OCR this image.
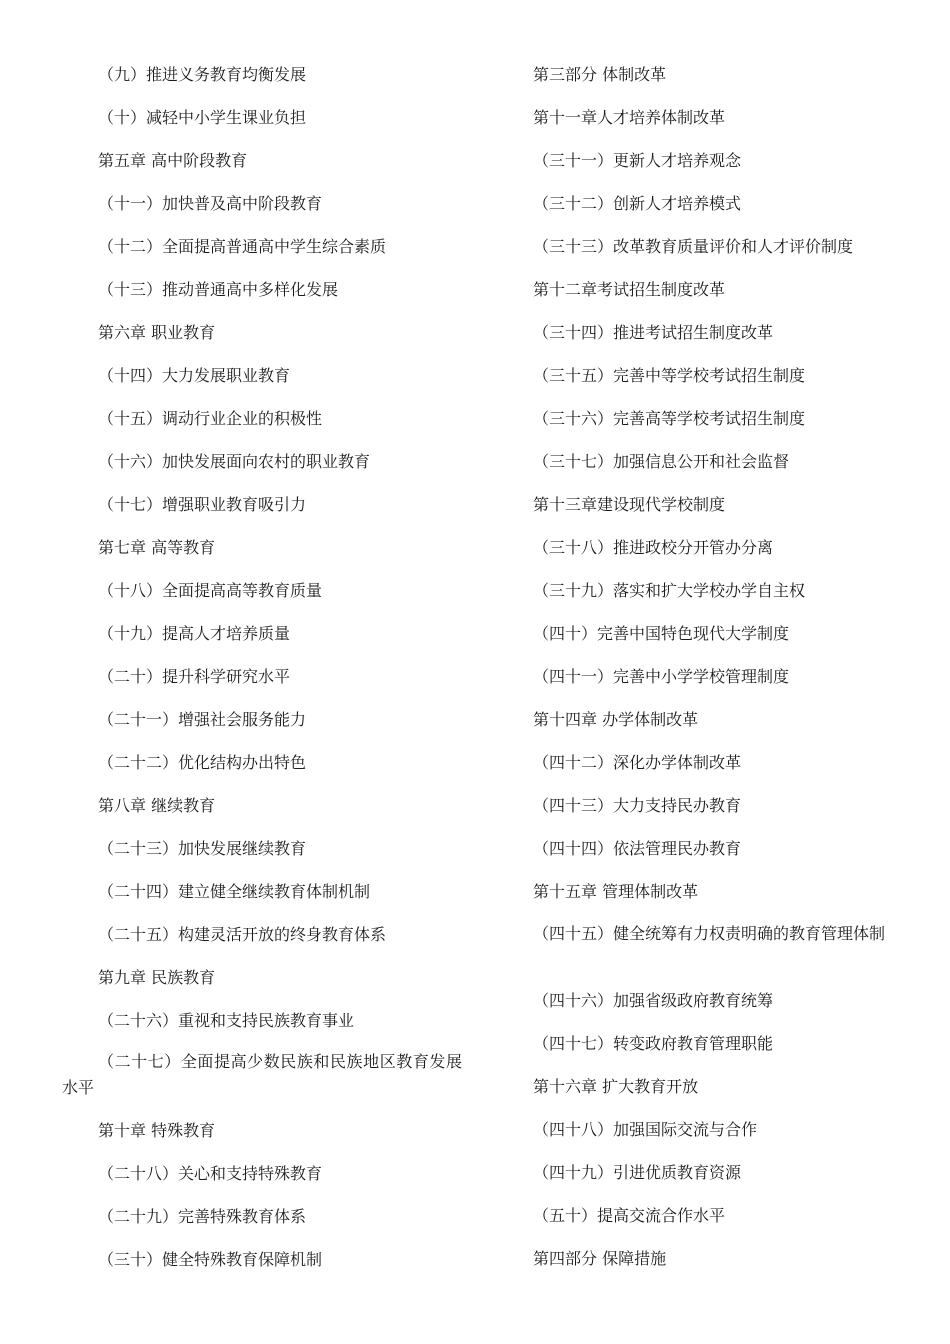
（九）推进义务教育均衡发展
（十）减轻中小学生课业负担
第五章 高中阶段教育
（十一）加快普及高中阶段教育
（十二）全面提高普通高中学生综合素质
（十三）推动普通高中多样化发展
第六章 职业教育
（十四）大力发展职业教育
（十五）调动行业企业的积极性
（十六）加快发展面向农村的职业教育
（十七）增强职业教育吸引力
第七章 高等教育
（十八）全面提高高等教育质量
（十九）提高人才培养质量
（二十）提升科学研究水平
（二十一）增强社会服务能力
（二十二）优化结构办出特色
第八章 继续教育
（二十三）加快发展继续教育
（二十四）建立健全继续教育体制机制
（二十五）构建灵活开放的终身教育体系
第九章 民族教育
（二十六）重视和支持民族教育事业
（二十七）全面提高少数民族和民族地区教育发展水平
第十章 特殊教育
（二十八）关心和支持特殊教育
（二十九）完善特殊教育体系
（三十）健全特殊教育保障机制
第三部分 体制改革
第十一章人才培养体制改革
（三十一）更新人才培养观念
（三十二）创新人才培养模式
（三十三）改革教育质量评价和人才评价制度
第十二章考试招生制度改革
（三十四）推进考试招生制度改革
（三十五）完善中等学校考试招生制度
（三十六）完善高等学校考试招生制度
（三十七）加强信息公开和社会监督
第十三章建设现代学校制度
（三十八）推进政校分开管办分离
（三十九）落实和扩大学校办学自主权
（四十）完善中国特色现代大学制度
（四十一）完善中小学学校管理制度
第十四章 办学体制改革
（四十二）深化办学体制改革
（四十三）大力支持民办教育
（四十四）依法管理民办教育
第十五章 管理体制改革
（四十五）健全统筹有力权责明确的教育管理体制
（四十六）加强省级政府教育统筹
（四十七）转变政府教育管理职能
第十六章 扩大教育开放
（四十八）加强国际交流与合作
（四十九）引进优质教育资源
（五十）提高交流合作水平
第四部分 保障措施
